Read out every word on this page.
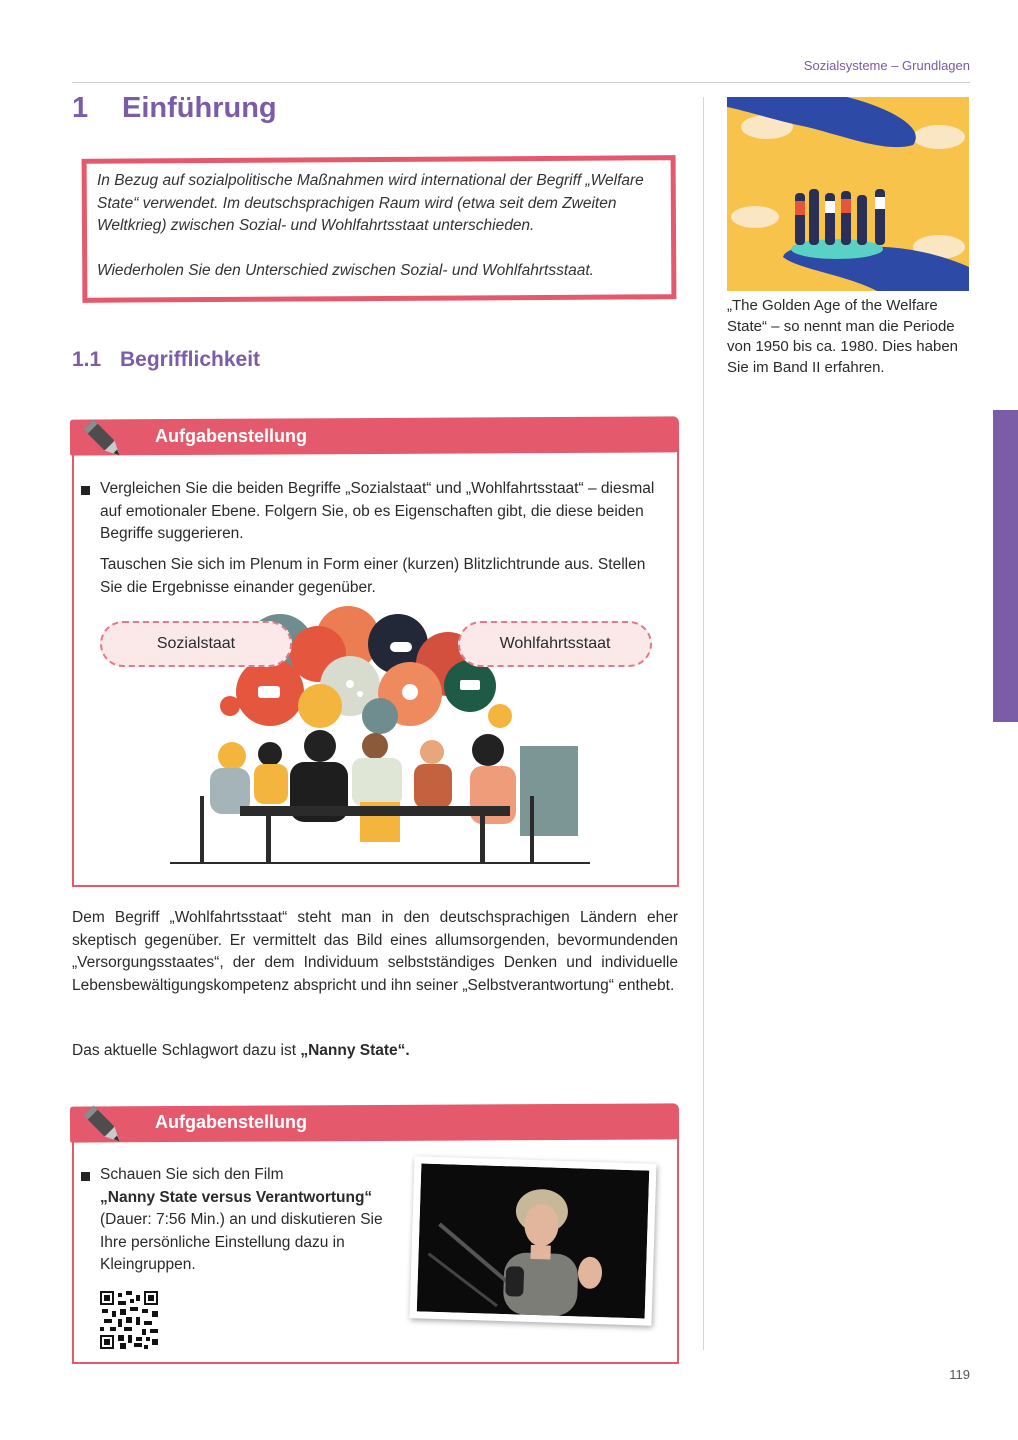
Sozialsysteme – Grundlagen
1 Einführung

In Bezug auf sozialpolitische Maßnahmen wird international der Begriff „Welfare State“ verwendet. Im deutschsprachigen Raum wird (etwa seit dem Zweiten Weltkrieg) zwischen Sozial- und Wohlfahrtsstaat unterschieden.

Wiederholen Sie den Unterschied zwischen Sozial- und Wohlfahrtsstaat.

1.1 Begrifflichkeit
Aufgabenstellung
Vergleichen Sie die beiden Begriffe „Sozialstaat“ und „Wohlfahrtsstaat“ – diesmal auf emotionaler Ebene. Folgern Sie, ob es Eigenschaften gibt, die diese beiden Begriffe suggerieren.
Tauschen Sie sich im Plenum in Form einer (kurzen) Blitzlichtrunde aus. Stellen Sie die Ergebnisse einander gegenüber.
Sozialstaat	Wohlfahrtsstaat
Dem Begriff „Wohlfahrtsstaat“ steht man in den deutschsprachigen Ländern eher skeptisch gegenüber. Er vermittelt das Bild eines allumsorgenden, bevormundenden „Versorgungsstaates“, der dem Individuum selbstständiges Denken und individuelle Lebensbewältigungskompetenz abspricht und ihn seiner „Selbstverantwortung“ enthebt.
Das aktuelle Schlagwort dazu ist „Nanny State“.
Aufgabenstellung
Schauen Sie sich den Film
„Nanny State versus Verantwortung“
(Dauer: 7:56 Min.) an und diskutieren Sie Ihre persönliche Einstellung dazu in Kleingruppen.
„The Golden Age of the Welfare State“ – so nennt man die Periode von 1950 bis ca. 1980. Dies haben Sie im Band II erfahren.
119
